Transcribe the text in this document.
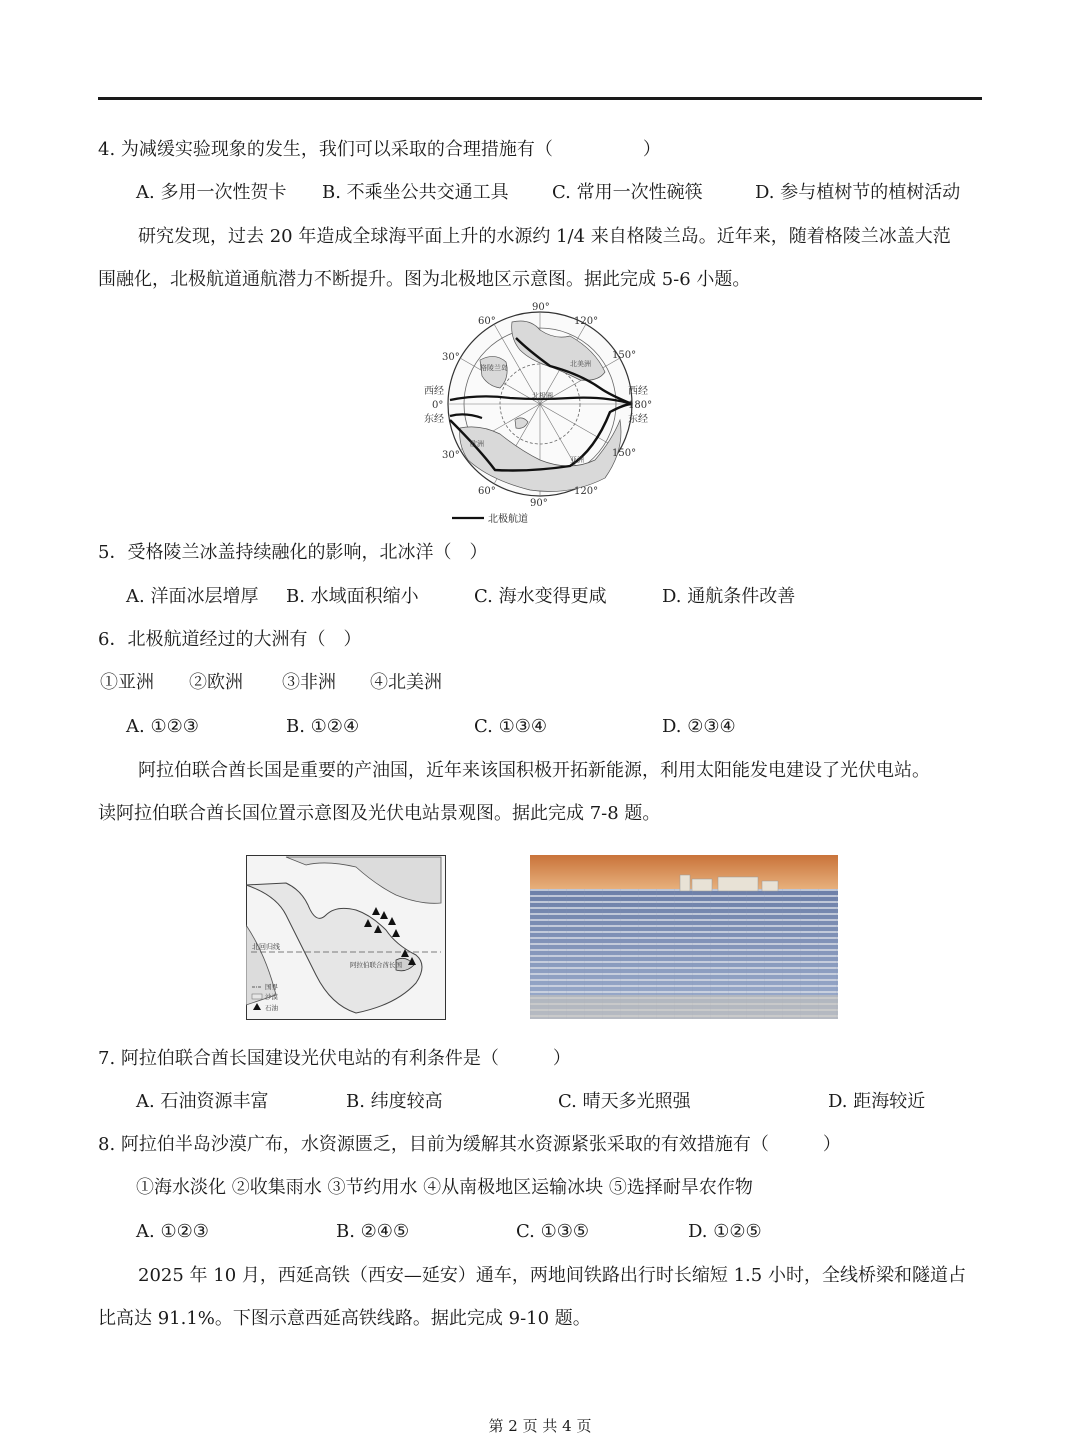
4. 为减缓实验现象的发生，我们可以采取的合理措施有（　　　　　）
A. 多用一次性贺卡 B. 不乘坐公共交通工具 C. 常用一次性碗筷	D. 参与植树节的植树活动
研究发现，过去 20 年造成全球海平面上升的水源约 1/4 来自格陵兰岛。近年来，随着格陵兰冰盖大范
围融化，北极航道通航潜力不断提升。图为北极地区示意图。据此完成 5-6 小题。
90°
120°
150°
西经
180°
东经
150°
120°
90°
60°
30°
西经
0°
东经
30°
60°
格陵兰岛	北美洲
北极圈
欧洲
亚洲
北极航道
5．受格陵兰冰盖持续融化的影响，北冰洋（　）
A. 洋面冰层增厚 B. 水域面积缩小	C. 海水变得更咸	D. 通航条件改善
6．北极航道经过的大洲有（　）
①亚洲 ②欧洲 ③非洲 ④北美洲
A. ①②③	B. ①②④	C. ①③④	D. ②③④
阿拉伯联合酋长国是重要的产油国，近年来该国积极开拓新能源，利用太阳能发电建设了光伏电站。
读阿拉伯联合酋长国位置示意图及光伏电站景观图。据此完成 7-8 题。
北回归线
阿拉伯联合酋长国
国界
沙漠
石油
7. 阿拉伯联合酋长国建设光伏电站的有利条件是（　　　）
A. 石油资源丰富	B. 纬度较高	C. 晴天多光照强	D. 距海较近
8. 阿拉伯半岛沙漠广布，水资源匮乏，目前为缓解其水资源紧张采取的有效措施有（　　　）
①海水淡化 ②收集雨水 ③节约用水 ④从南极地区运输冰块 ⑤选择耐旱农作物
A. ①②③	B. ②④⑤	C. ①③⑤	D. ①②⑤
2025 年 10 月，西延高铁（西安—延安）通车，两地间铁路出行时长缩短 1.5 小时，全线桥梁和隧道占
比高达 91.1%。下图示意西延高铁线路。据此完成 9-10 题。
第 2 页 共 4 页
